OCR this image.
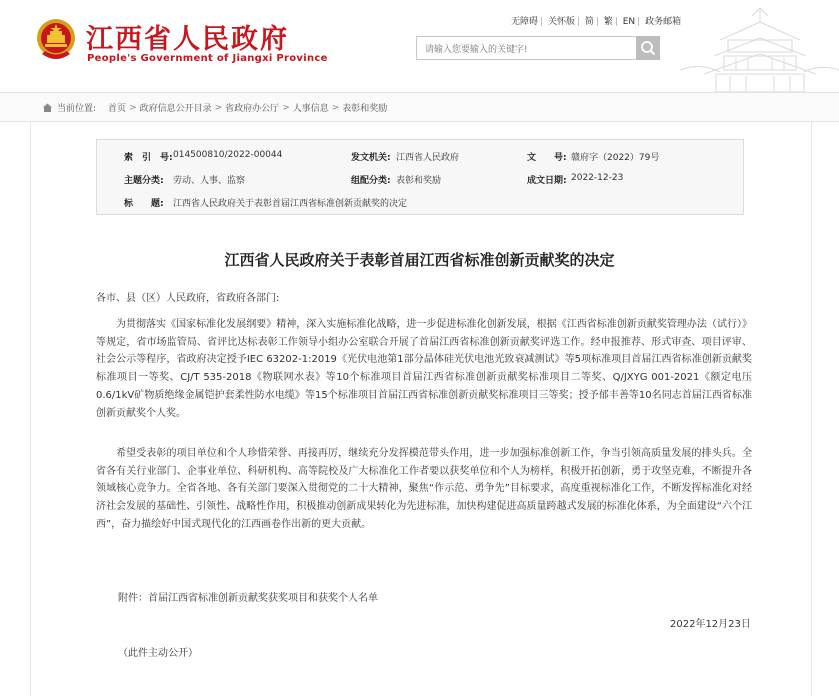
江西省人民政府
People's Government of Jiangxi Province
无障碍 | 关怀版 | 简 | 繁 | EN | 政务邮箱
请输入您要输入的关键字!
当前位置: 首页 > 政府信息公开目录 > 省政府办公厅 > 人事信息 > 表彰和奖励
索　引　号: 014500810/2022-00044	发文机关: 江西省人民政府	文　　号: 赣府字（2022）79号
主题分类: 劳动、人事、监察	组配分类: 表彰和奖励	成文日期: 2022-12-23
标　　题: 江西省人民政府关于表彰首届江西省标准创新贡献奖的决定
江西省人民政府关于表彰首届江西省标准创新贡献奖的决定
各市、县（区）人民政府，省政府各部门:
为贯彻落实《国家标准化发展纲要》精神，深入实施标准化战略，进一步促进标准化创新发展，根据《江西省标准创新贡献奖管理办法（试行）》等规定，省市场监管局、省评比达标表彰工作领导小组办公室联合开展了首届江西省标准创新贡献奖评选工作。经申报推荐、形式审查、项目评审、社会公示等程序，省政府决定授予IEC 63202-1:2019《光伏电池第1部分晶体硅光伏电池光致衰减测试》等5项标准项目首届江西省标准创新贡献奖标准项目一等奖、CJ/T 535-2018《物联网水表》等10个标准项目首届江西省标准创新贡献奖标准项目二等奖、Q/JXYG 001-2021《额定电压0.6/1kV矿物质绝缘金属铠护套柔性防水电缆》等15个标准项目首届江西省标准创新贡献奖标准项目三等奖；授予郁丰善等10名同志首届江西省标准创新贡献奖个人奖。
希望受表彰的项目单位和个人珍惜荣誉、再接再厉，继续充分发挥模范带头作用，进一步加强标准创新工作，争当引领高质量发展的排头兵。全省各有关行业部门、企事业单位、科研机构、高等院校及广大标准化工作者要以获奖单位和个人为榜样，积极开拓创新，勇于攻坚克难，不断提升各领域核心竞争力。全省各地、各有关部门要深入贯彻党的二十大精神，聚焦“作示范、勇争先”目标要求，高度重视标准化工作，不断发挥标准化对经济社会发展的基础性、引领性、战略性作用，积极推动创新成果转化为先进标准，加快构建促进高质量跨越式发展的标准化体系，为全面建设“六个江西”，奋力描绘好中国式现代化的江西画卷作出新的更大贡献。
附件：首届江西省标准创新贡献奖获奖项目和获奖个人名单
2022年12月23日
（此件主动公开）
